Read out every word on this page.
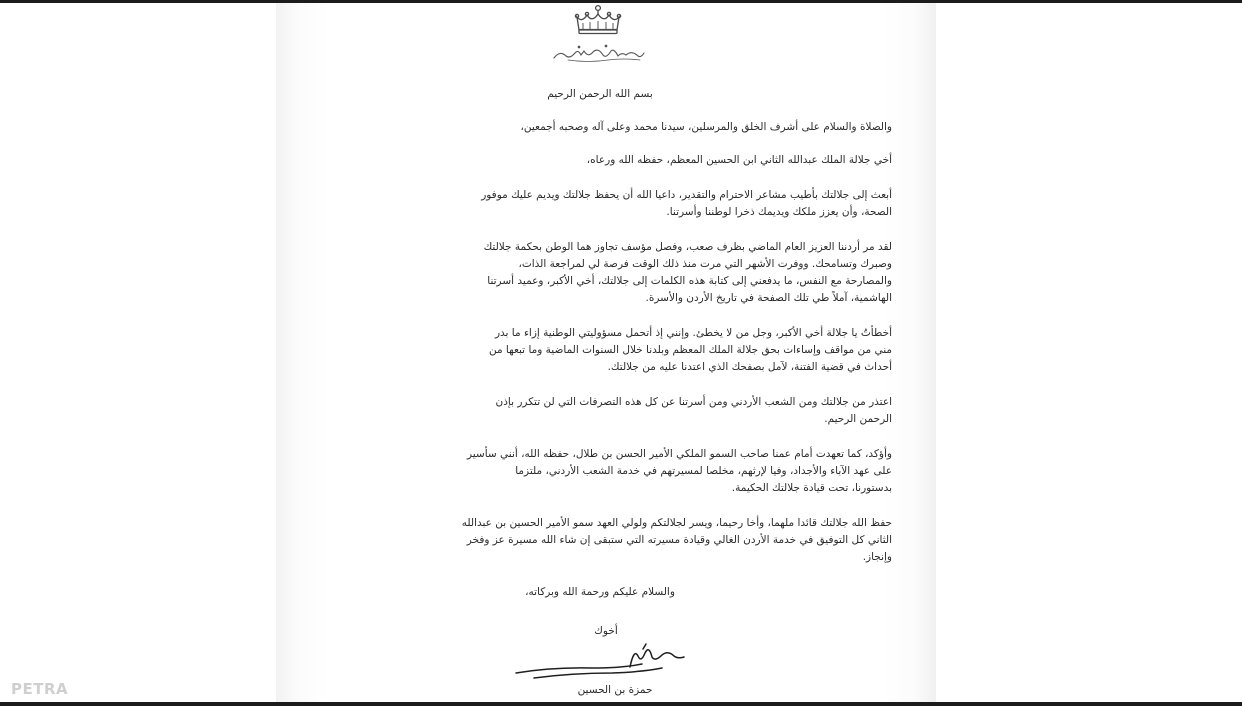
بسم الله الرحمن الرحيم

والصلاة والسلام على أشرف الخلق والمرسلين، سيدنا محمد وعلى آله وصحبه أجمعين،

أخي جلالة الملك عبدالله الثاني ابن الحسين المعظم، حفظه الله ورعاه،

أبعث إلى جلالتك بأطيب مشاعر الاحترام والتقدير، داعيا الله أن يحفظ جلالتك ويديم عليك موفور

الصحة، وأن يعزز ملكك ويديمك ذخرا لوطننا وأسرتنا.

لقد مر أردننا العزيز العام الماضي بظرف صعب، وفصل مؤسف تجاوز هما الوطن بحكمة جلالتك

وصبرك وتسامحك. ووفرت الأشهر التي مرت منذ ذلك الوقت فرصة لي لمراجعة الذات،

والمصارحة مع النفس، ما يدفعني إلى كتابة هذه الكلمات إلى جلالتك، أخي الأكبر، وعميد أسرتنا

الهاشمية، آملاً طي تلك الصفحة في تاريخ الأردن والأسرة.

أخطأتُ يا جلالة أخي الأكبر، وجل من لا يخطئ. وإنني إذ أتحمل مسؤوليتي الوطنية إزاء ما بدر

مني من مواقف وإساءات بحق جلالة الملك المعظم وبلدنا خلال السنوات الماضية وما تبعها من

أحداث في قضية الفتنة، لآمل بصفحك الذي اعتدنا عليه من جلالتك.

اعتذر من جلالتك ومن الشعب الأردني ومن أسرتنا عن كل هذه التصرفات التي لن تتكرر بإذن

الرحمن الرحيم.

وأؤكد، كما تعهدت أمام عمنا صاحب السمو الملكي الأمير الحسن بن طلال، حفظه الله، أنني سأسير

على عهد الآباء والأجداد، وفيا لإرثهم، مخلصا لمسيرتهم في خدمة الشعب الأردني، ملتزما

بدستورنا، تحت قيادة جلالتك الحكيمة.

حفظ الله جلالتك قائدا ملهما، وأخا رحيما، ويسر لجلالتكم ولولي العهد سمو الأمير الحسين بن عبدالله

الثاني كل التوفيق في خدمة الأردن الغالي وقيادة مسيرته التي ستبقى إن شاء الله مسيرة عز وفخر

وإنجاز.

والسلام عليكم ورحمة الله وبركاته،

أخوك
حمزة بن الحسين
PETRA
